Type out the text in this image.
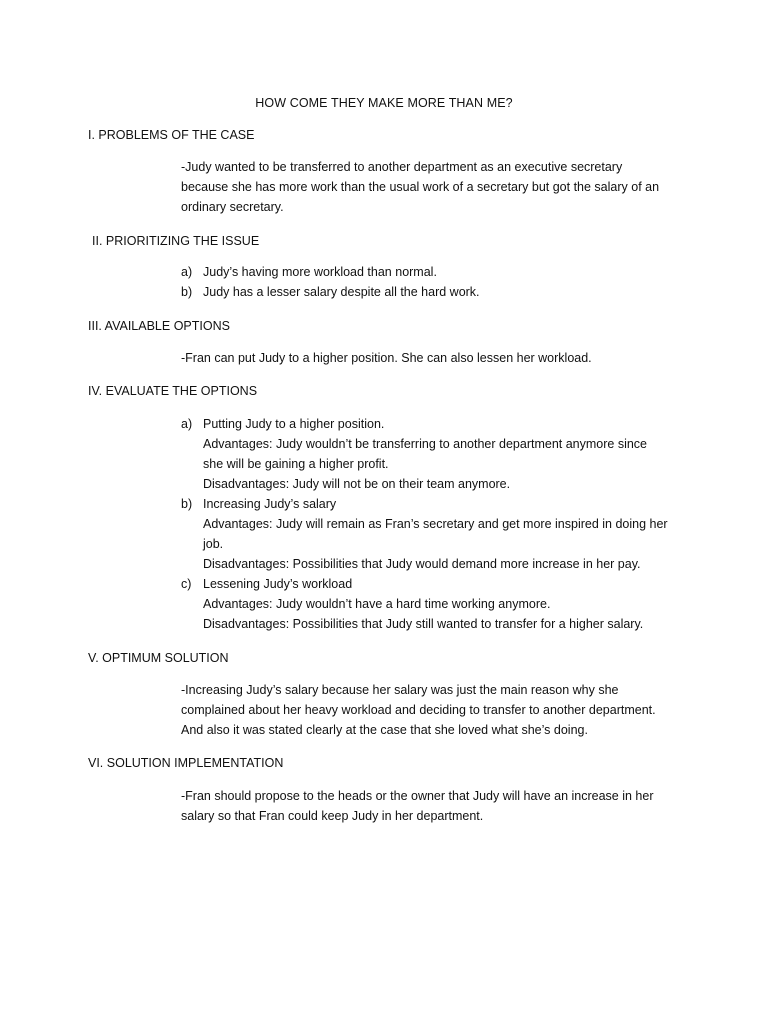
HOW COME THEY MAKE MORE THAN ME?
I. PROBLEMS OF THE CASE
-Judy wanted to be transferred to another department as an executive secretary
because she has more work than the usual work of a secretary but got the salary of an
ordinary secretary.
II. PRIORITIZING THE ISSUE
a) Judy’s having more workload than normal.
b) Judy has a lesser salary despite all the hard work.
III. AVAILABLE OPTIONS
-Fran can put Judy to a higher position. She can also lessen her workload.
IV. EVALUATE THE OPTIONS
a) Putting Judy to a higher position.
Advantages: Judy wouldn’t be transferring to another department anymore since
she will be gaining a higher profit.
Disadvantages: Judy will not be on their team anymore.
b) Increasing Judy’s salary
Advantages: Judy will remain as Fran’s secretary and get more inspired in doing her
job.
Disadvantages: Possibilities that Judy would demand more increase in her pay.
c) Lessening Judy’s workload
Advantages: Judy wouldn’t have a hard time working anymore.
Disadvantages: Possibilities that Judy still wanted to transfer for a higher salary.
V. OPTIMUM SOLUTION
-Increasing Judy’s salary because her salary was just the main reason why she
complained about her heavy workload and deciding to transfer to another department.
And also it was stated clearly at the case that she loved what she’s doing.
VI. SOLUTION IMPLEMENTATION
-Fran should propose to the heads or the owner that Judy will have an increase in her
salary so that Fran could keep Judy in her department.
